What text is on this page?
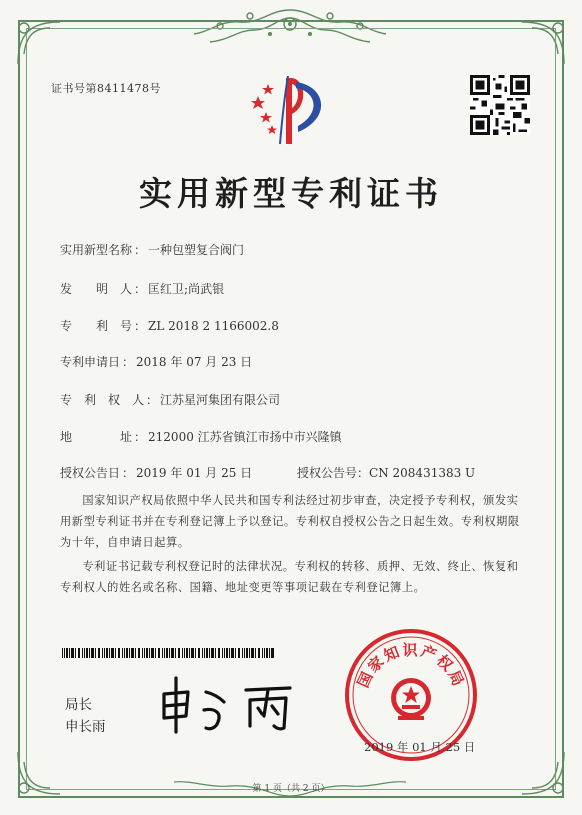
证书号第8411478号
实用新型专利证书
实用新型名称 ： 一种包塑复合阀门
发　　明　人 ： 匡红卫;尚武银
专　　利　号 ： ZL 2018 2 1166002.8
专利申请日 ： 2018 年 07 月 23 日
专　利　权　人 ： 江苏星河集团有限公司
地　　　　址 ： 212000 江苏省镇江市扬中市兴隆镇
授权公告日 ： 2019 年 01 月 25 日	授权公告号：CN 208431383 U
国家知识产权局依照中华人民共和国专利法经过初步审查，决定授予专利权，颁发实用新型专利证书并在专利登记簿上予以登记。专利权自授权公告之日起生效。专利权期限为十年，自申请日起算。
专利证书记载专利权登记时的法律状况。专利权的转移、质押、无效、终止、恢复和专利权人的姓名或名称、国籍、地址变更等事项记载在专利登记簿上。
局长
申长雨
国家知识产权局
2019 年 01 月 25 日
第 1 页（共 2 页）
